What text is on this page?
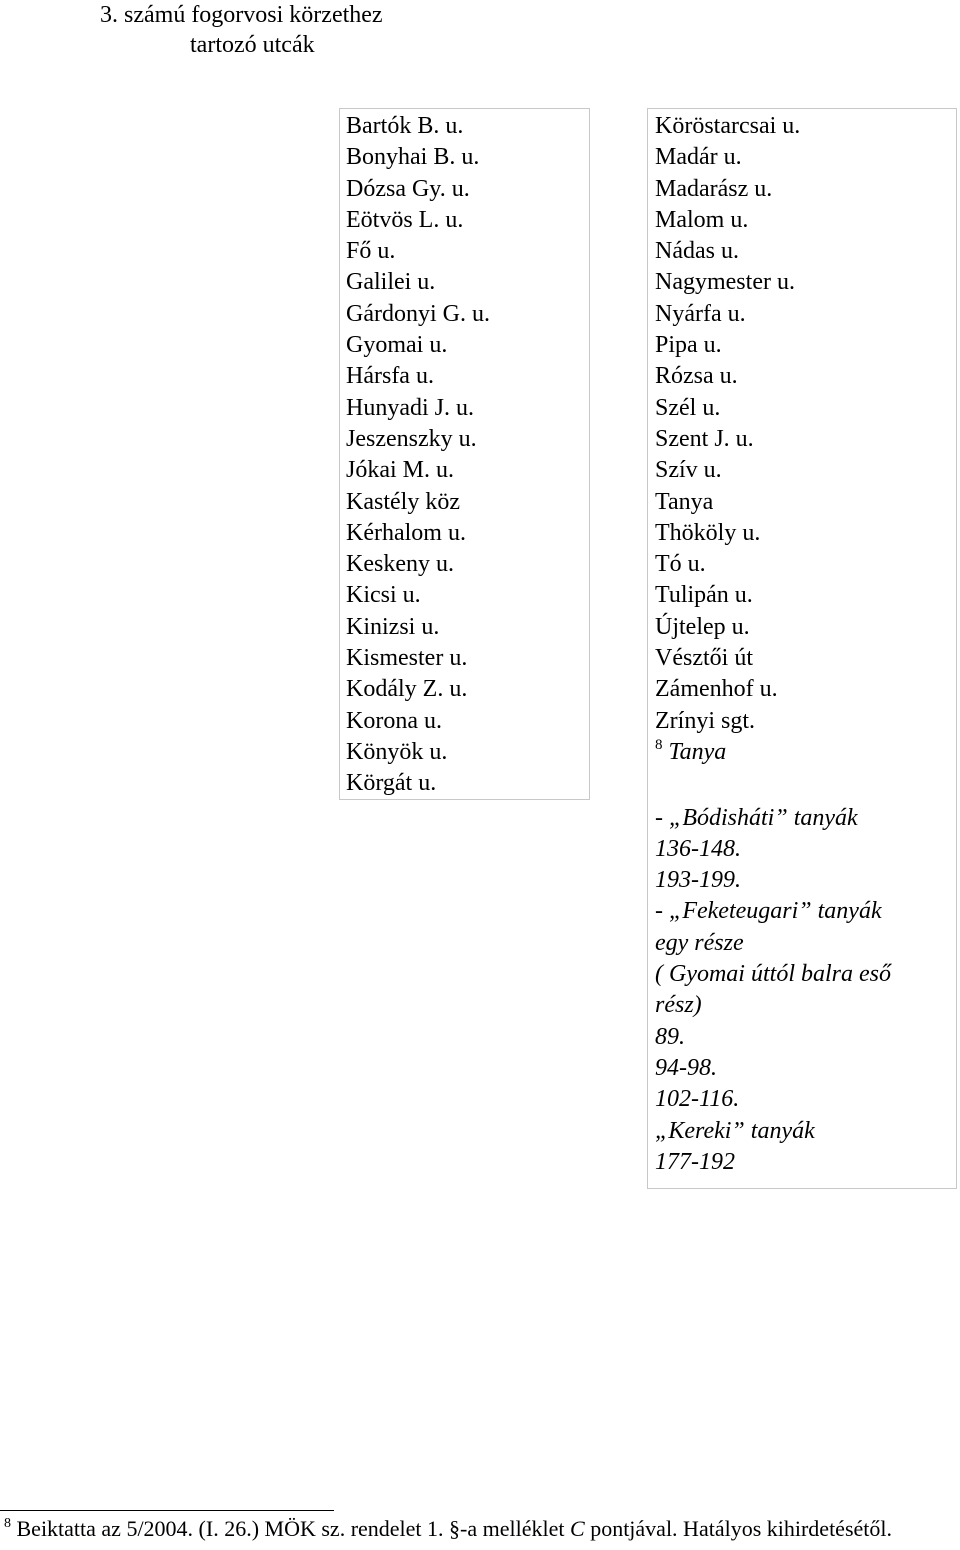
3. számú fogorvosi körzethez
tartozó utcák
Bartók B. u.
Bonyhai B. u.
Dózsa Gy. u.
Eötvös L. u.
Fő u.
Galilei u.
Gárdonyi G. u.
Gyomai u.
Hársfa u.
Hunyadi J. u.
Jeszenszky u.
Jókai M. u.
Kastély köz
Kérhalom u.
Keskeny u.
Kicsi u.
Kinizsi u.
Kismester u.
Kodály Z. u.
Korona u.
Könyök u.
Körgát u.
Köröstarcsai u.
Madár u.
Madarász u.
Malom u.
Nádas u.
Nagymester u.
Nyárfa u.
Pipa u.
Rózsa u.
Szél u.
Szent J. u.
Szív u.
Tanya
Thököly u.
Tó u.
Tulipán u.
Újtelep u.
Vésztői út
Zámenhof u.
Zrínyi sgt.
$^8$ Tanya
- „Bódisháti” tanyák
136-148.
193-199.
- „Feketeugari” tanyák
egy része
( Gyomai úttól balra eső
rész)
89.
94-98.
102-116.
„Kereki” tanyák
177-192
$^8$ Beiktatta az 5/2004. (I. 26.) MÖK sz. rendelet 1. §-a melléklet C pontjával. Hatályos kihirdetésétől.
